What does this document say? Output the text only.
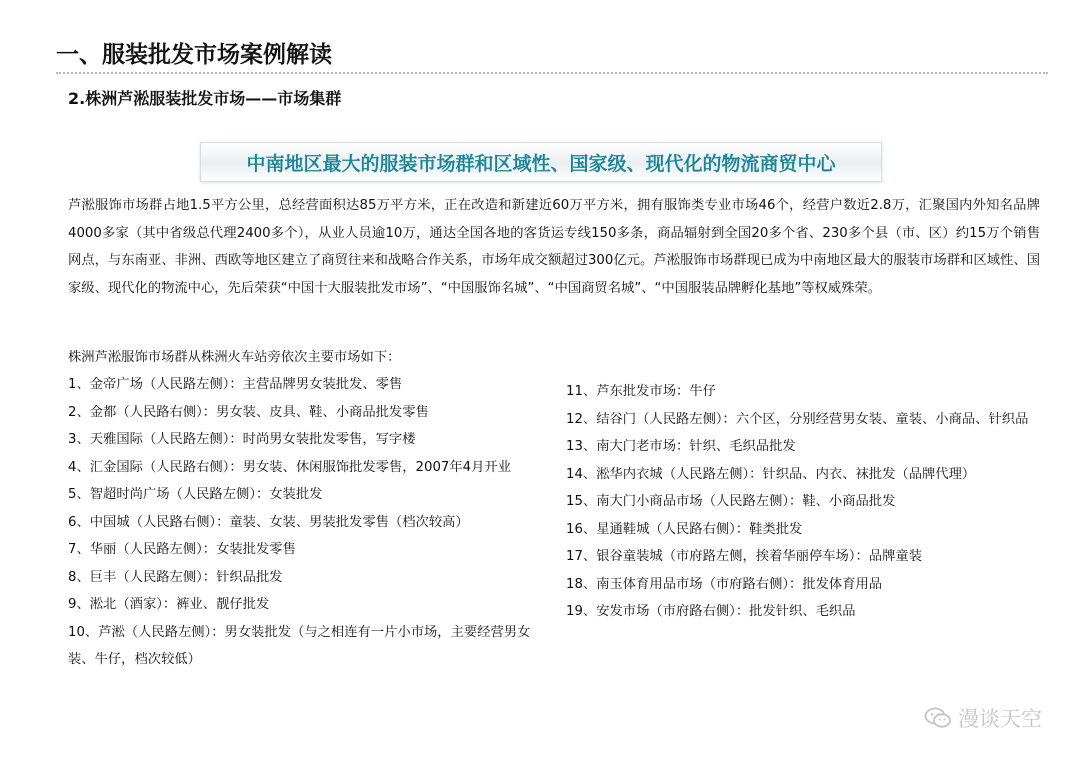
一、服装批发市场案例解读
2.株洲芦淞服装批发市场——市场集群
中南地区最大的服装市场群和区域性、国家级、现代化的物流商贸中心

芦淞服饰市场群占地1.5平方公里，总经营面积达85万平方米，正在改造和新建近60万平方米，拥有服饰类专业市场46个，经营户数近2.8万，汇聚国内外知名品牌4000多家（其中省级总代理2400多个），从业人员逾10万，通达全国各地的客货运专线150多条，商品辐射到全国20多个省、230多个县（市、区）约15万个销售网点，与东南亚、非洲、西欧等地区建立了商贸往来和战略合作关系，市场年成交额超过300亿元。芦淞服饰市场群现已成为中南地区最大的服装市场群和区域性、国家级、现代化的物流中心，先后荣获“中国十大服装批发市场”、“中国服饰名城”、“中国商贸名城”、“中国服装品牌孵化基地”等权威殊荣。

株洲芦淞服饰市场群从株洲火车站旁依次主要市场如下：

1、金帝广场（人民路左侧）：主营品牌男女装批发、零售

2、金都（人民路右侧）：男女装、皮具、鞋、小商品批发零售

3、天雅国际（人民路左侧）：时尚男女装批发零售，写字楼

4、汇金国际（人民路右侧）：男女装、休闲服饰批发零售，2007年4月开业

5、智超时尚广场（人民路左侧）：女装批发

6、中国城（人民路右侧）：童装、女装、男装批发零售（档次较高）

7、华丽（人民路左侧）：女装批发零售

8、巨丰（人民路左侧）：针织品批发

9、淞北（酒家）：裤业、靓仔批发

10、芦淞（人民路左侧）：男女装批发（与之相连有一片小市场，主要经营男女装、牛仔，档次较低）

11、芦东批发市场：牛仔

12、结谷门（人民路左侧）：六个区，分别经营男女装、童装、小商品、针织品

13、南大门老市场：针织、毛织品批发

14、淞华内衣城（人民路左侧）：针织品、内衣、袜批发（品牌代理）

15、南大门小商品市场（人民路左侧）：鞋、小商品批发

16、星通鞋城（人民路右侧）：鞋类批发

17、银谷童装城（市府路左侧，挨着华丽停车场）：品牌童装

18、南玉体育用品市场（市府路右侧）：批发体育用品

19、安发市场（市府路右侧）：批发针织、毛织品

漫谈天空
